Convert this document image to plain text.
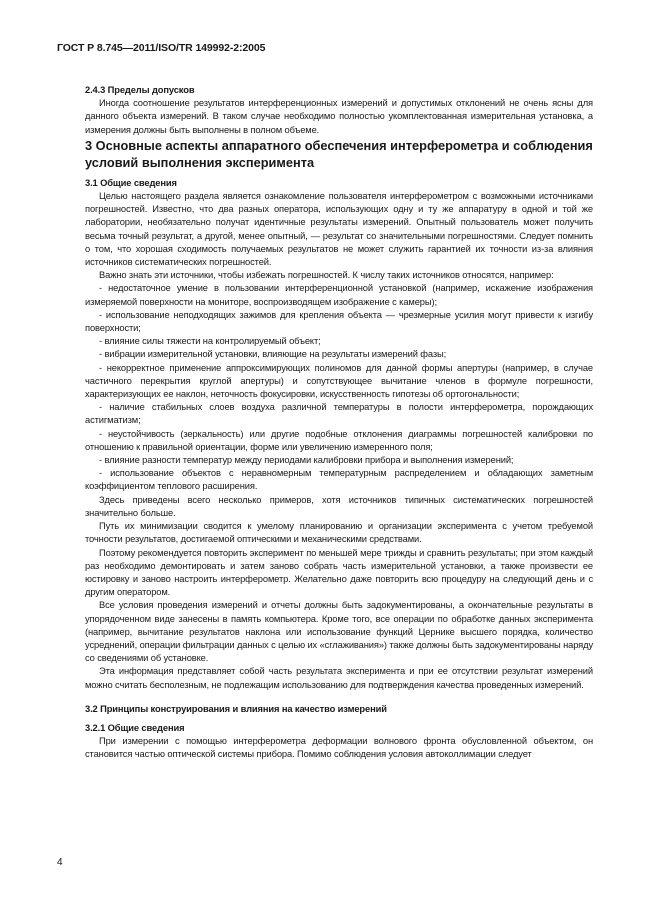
ГОСТ Р 8.745—2011/ISO/TR 149992-2:2005

2.4.3 Пределы допусков

Иногда соотношение результатов интерференционных измерений и допустимых отклонений не очень ясны для данного объекта измерений. В таком случае необходимо полностью укомплектованная измерительная установка, а измерения должны быть выполнены в полном объеме.

3 Основные аспекты аппаратного обеспечения интерферометра и соблюдения условий выполнения эксперимента

3.1 Общие сведения

Целью настоящего раздела является ознакомление пользователя интерферометром с возможными источниками погрешностей. Известно, что два разных оператора, использующих одну и ту же аппаратуру в одной и той же лаборатории, необязательно получат идентичные результаты измерений. Опытный пользователь может получить весьма точный результат, а другой, менее опытный, — результат со значительными погрешностями. Следует помнить о том, что хорошая сходимость получаемых результатов не может служить гарантией их точности из-за влияния источников систематических погрешностей.

Важно знать эти источники, чтобы избежать погрешностей. К числу таких источников относятся, например:

- недостаточное умение в пользовании интерференционной установкой (например, искажение изображения измеряемой поверхности на мониторе, воспроизводящем изображение с камеры);

- использование неподходящих зажимов для крепления объекта — чрезмерные усилия могут привести к изгибу поверхности;

- влияние силы тяжести на контролируемый объект;

- вибрации измерительной установки, влияющие на результаты измерений фазы;

- некорректное применение аппроксимирующих полиномов для данной формы апертуры (например, в случае частичного перекрытия круглой апертуры) и сопутствующее вычитание членов в формуле погрешности, характеризующих ее наклон, неточность фокусировки, искусственность гипотезы об ортогональности;

- наличие стабильных слоев воздуха различной температуры в полости интерферометра, порождающих астигматизм;

- неустойчивость (зеркальность) или другие подобные отклонения диаграммы погрешностей калибровки по отношению к правильной ориентации, форме или увеличению измеренного поля;

- влияние разности температур между периодами калибровки прибора и выполнения измерений;

- использование объектов с неравномерным температурным распределением и обладающих заметным коэффициентом теплового расширения.

Здесь приведены всего несколько примеров, хотя источников типичных систематических погрешностей значительно больше.

Путь их минимизации сводится к умелому планированию и организации эксперимента с учетом требуемой точности результатов, достигаемой оптическими и механическими средствами.

Поэтому рекомендуется повторить эксперимент по меньшей мере трижды и сравнить результаты; при этом каждый раз необходимо демонтировать и затем заново собрать часть измерительной установки, а также произвести ее юстировку и заново настроить интерферометр. Желательно даже повторить всю процедуру на следующий день и с другим оператором.

Все условия проведения измерений и отчеты должны быть задокументированы, а окончательные результаты в упорядоченном виде занесены в память компьютера. Кроме того, все операции по обработке данных эксперимента (например, вычитание результатов наклона или использование функций Цернике высшего порядка, количество усреднений, операции фильтрации данных с целью их «сглаживания») также должны быть задокументированы наряду со сведениями об установке.

Эта информация представляет собой часть результата эксперимента и при ее отсутствии результат измерений можно считать бесполезным, не подлежащим использованию для подтверждения качества проведенных измерений.

3.2 Принципы конструирования и влияния на качество измерений

3.2.1 Общие сведения

При измерении с помощью интерферометра деформации волнового фронта обусловленной объектом, он становится частью оптической системы прибора. Помимо соблюдения условия автоколлимации следует

4
